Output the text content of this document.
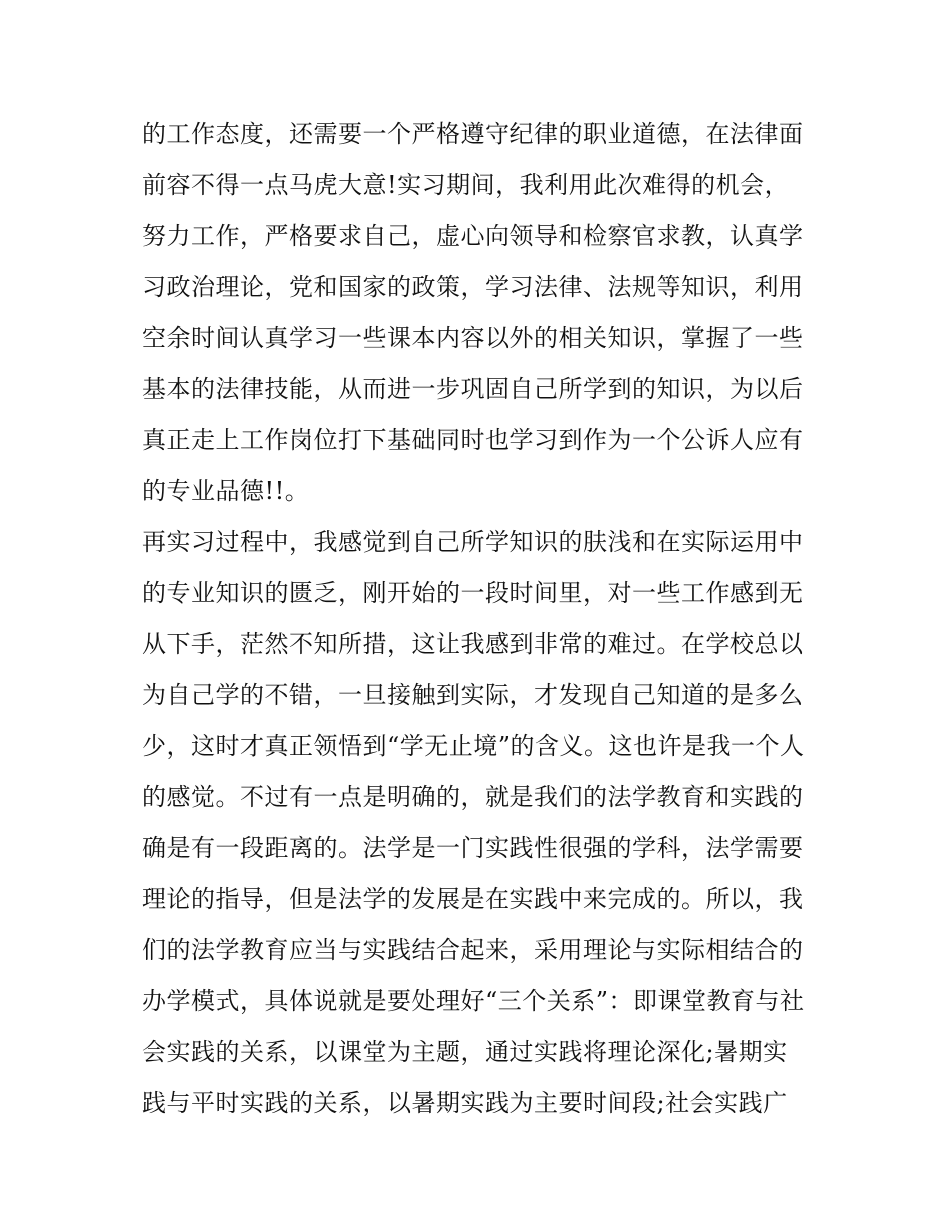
的工作态度，还需要一个严格遵守纪律的职业道德，在法律面
前容不得一点马虎大意!实习期间，我利用此次难得的机会，
努力工作，严格要求自己，虚心向领导和检察官求教，认真学
习政治理论，党和国家的政策，学习法律、法规等知识，利用
空余时间认真学习一些课本内容以外的相关知识，掌握了一些
基本的法律技能，从而进一步巩固自己所学到的知识，为以后
真正走上工作岗位打下基础同时也学习到作为一个公诉人应有
的专业品德!!。
再实习过程中，我感觉到自己所学知识的肤浅和在实际运用中
的专业知识的匮乏，刚开始的一段时间里，对一些工作感到无
从下手，茫然不知所措，这让我感到非常的难过。在学校总以
为自己学的不错，一旦接触到实际，才发现自己知道的是多么
少，这时才真正领悟到“学无止境”的含义。这也许是我一个人
的感觉。不过有一点是明确的，就是我们的法学教育和实践的
确是有一段距离的。法学是一门实践性很强的学科，法学需要
理论的指导，但是法学的发展是在实践中来完成的。所以，我
们的法学教育应当与实践结合起来，采用理论与实际相结合的
办学模式，具体说就是要处理好“三个关系”：即课堂教育与社
会实践的关系，以课堂为主题，通过实践将理论深化;暑期实
践与平时实践的关系，以暑期实践为主要时间段;社会实践广
